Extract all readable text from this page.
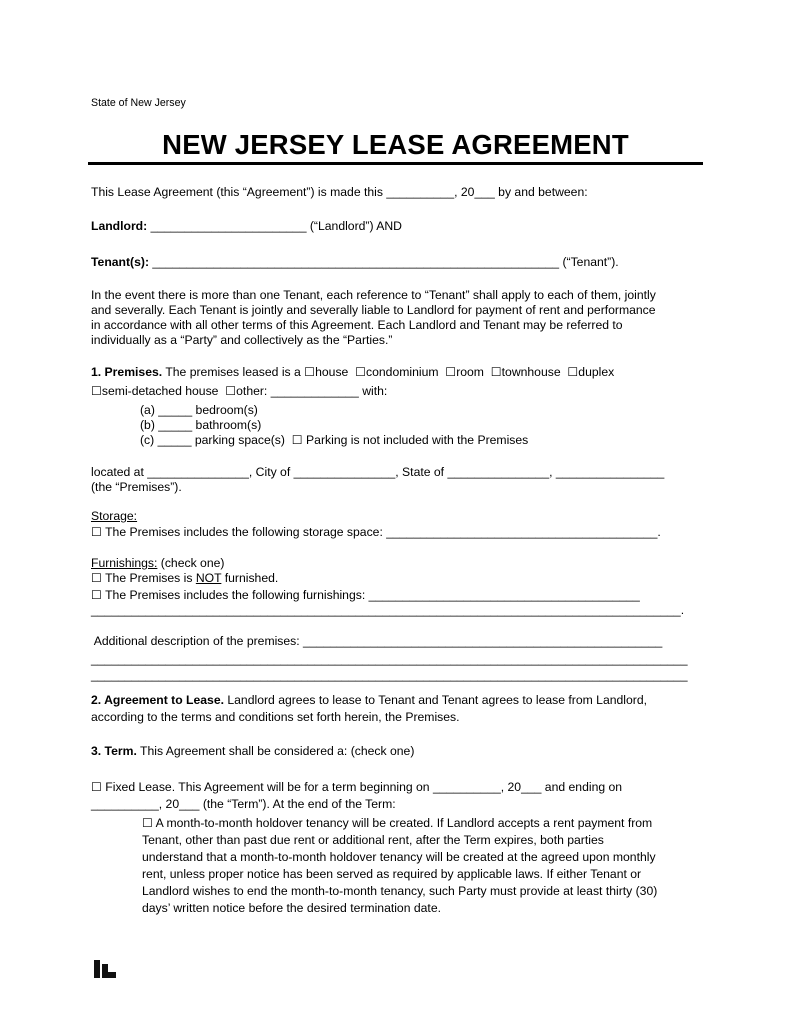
State of New Jersey
NEW JERSEY LEASE AGREEMENT
This Lease Agreement (this “Agreement”) is made this __________, 20___ by and between:
Landlord: _______________________ (“Landlord”) AND
Tenant(s): ____________________________________________________________ (“Tenant”).
In the event there is more than one Tenant, each reference to “Tenant” shall apply to each of them, jointly
and severally. Each Tenant is jointly and severally liable to Landlord for payment of rent and performance
in accordance with all other terms of this Agreement. Each Landlord and Tenant may be referred to
individually as a “Party” and collectively as the “Parties.”
1. Premises. The premises leased is a ☐house  ☐condominium  ☐room  ☐townhouse  ☐duplex
☐semi-detached house  ☐other: _____________ with:
(a) _____ bedroom(s)
(b) _____ bathroom(s)
(c) _____ parking space(s)  ☐ Parking is not included with the Premises
located at _______________, City of _______________, State of _______________, ________________
(the “Premises”).
Storage:
☐ The Premises includes the following storage space: ________________________________________.
Furnishings: (check one)
☐ The Premises is NOT furnished.
☐ The Premises includes the following furnishings: ________________________________________
_______________________________________________________________________________________.
Additional description of the premises: _____________________________________________________
________________________________________________________________________________________
________________________________________________________________________________________
2. Agreement to Lease. Landlord agrees to lease to Tenant and Tenant agrees to lease from Landlord,
according to the terms and conditions set forth herein, the Premises.
3. Term. This Agreement shall be considered a: (check one)
☐ Fixed Lease. This Agreement will be for a term beginning on __________, 20___ and ending on
__________, 20___ (the “Term”). At the end of the Term:
☐ A month-to-month holdover tenancy will be created. If Landlord accepts a rent payment from
Tenant, other than past due rent or additional rent, after the Term expires, both parties
understand that a month-to-month holdover tenancy will be created at the agreed upon monthly
rent, unless proper notice has been served as required by applicable laws. If either Tenant or
Landlord wishes to end the month-to-month tenancy, such Party must provide at least thirty (30)
days’ written notice before the desired termination date.
